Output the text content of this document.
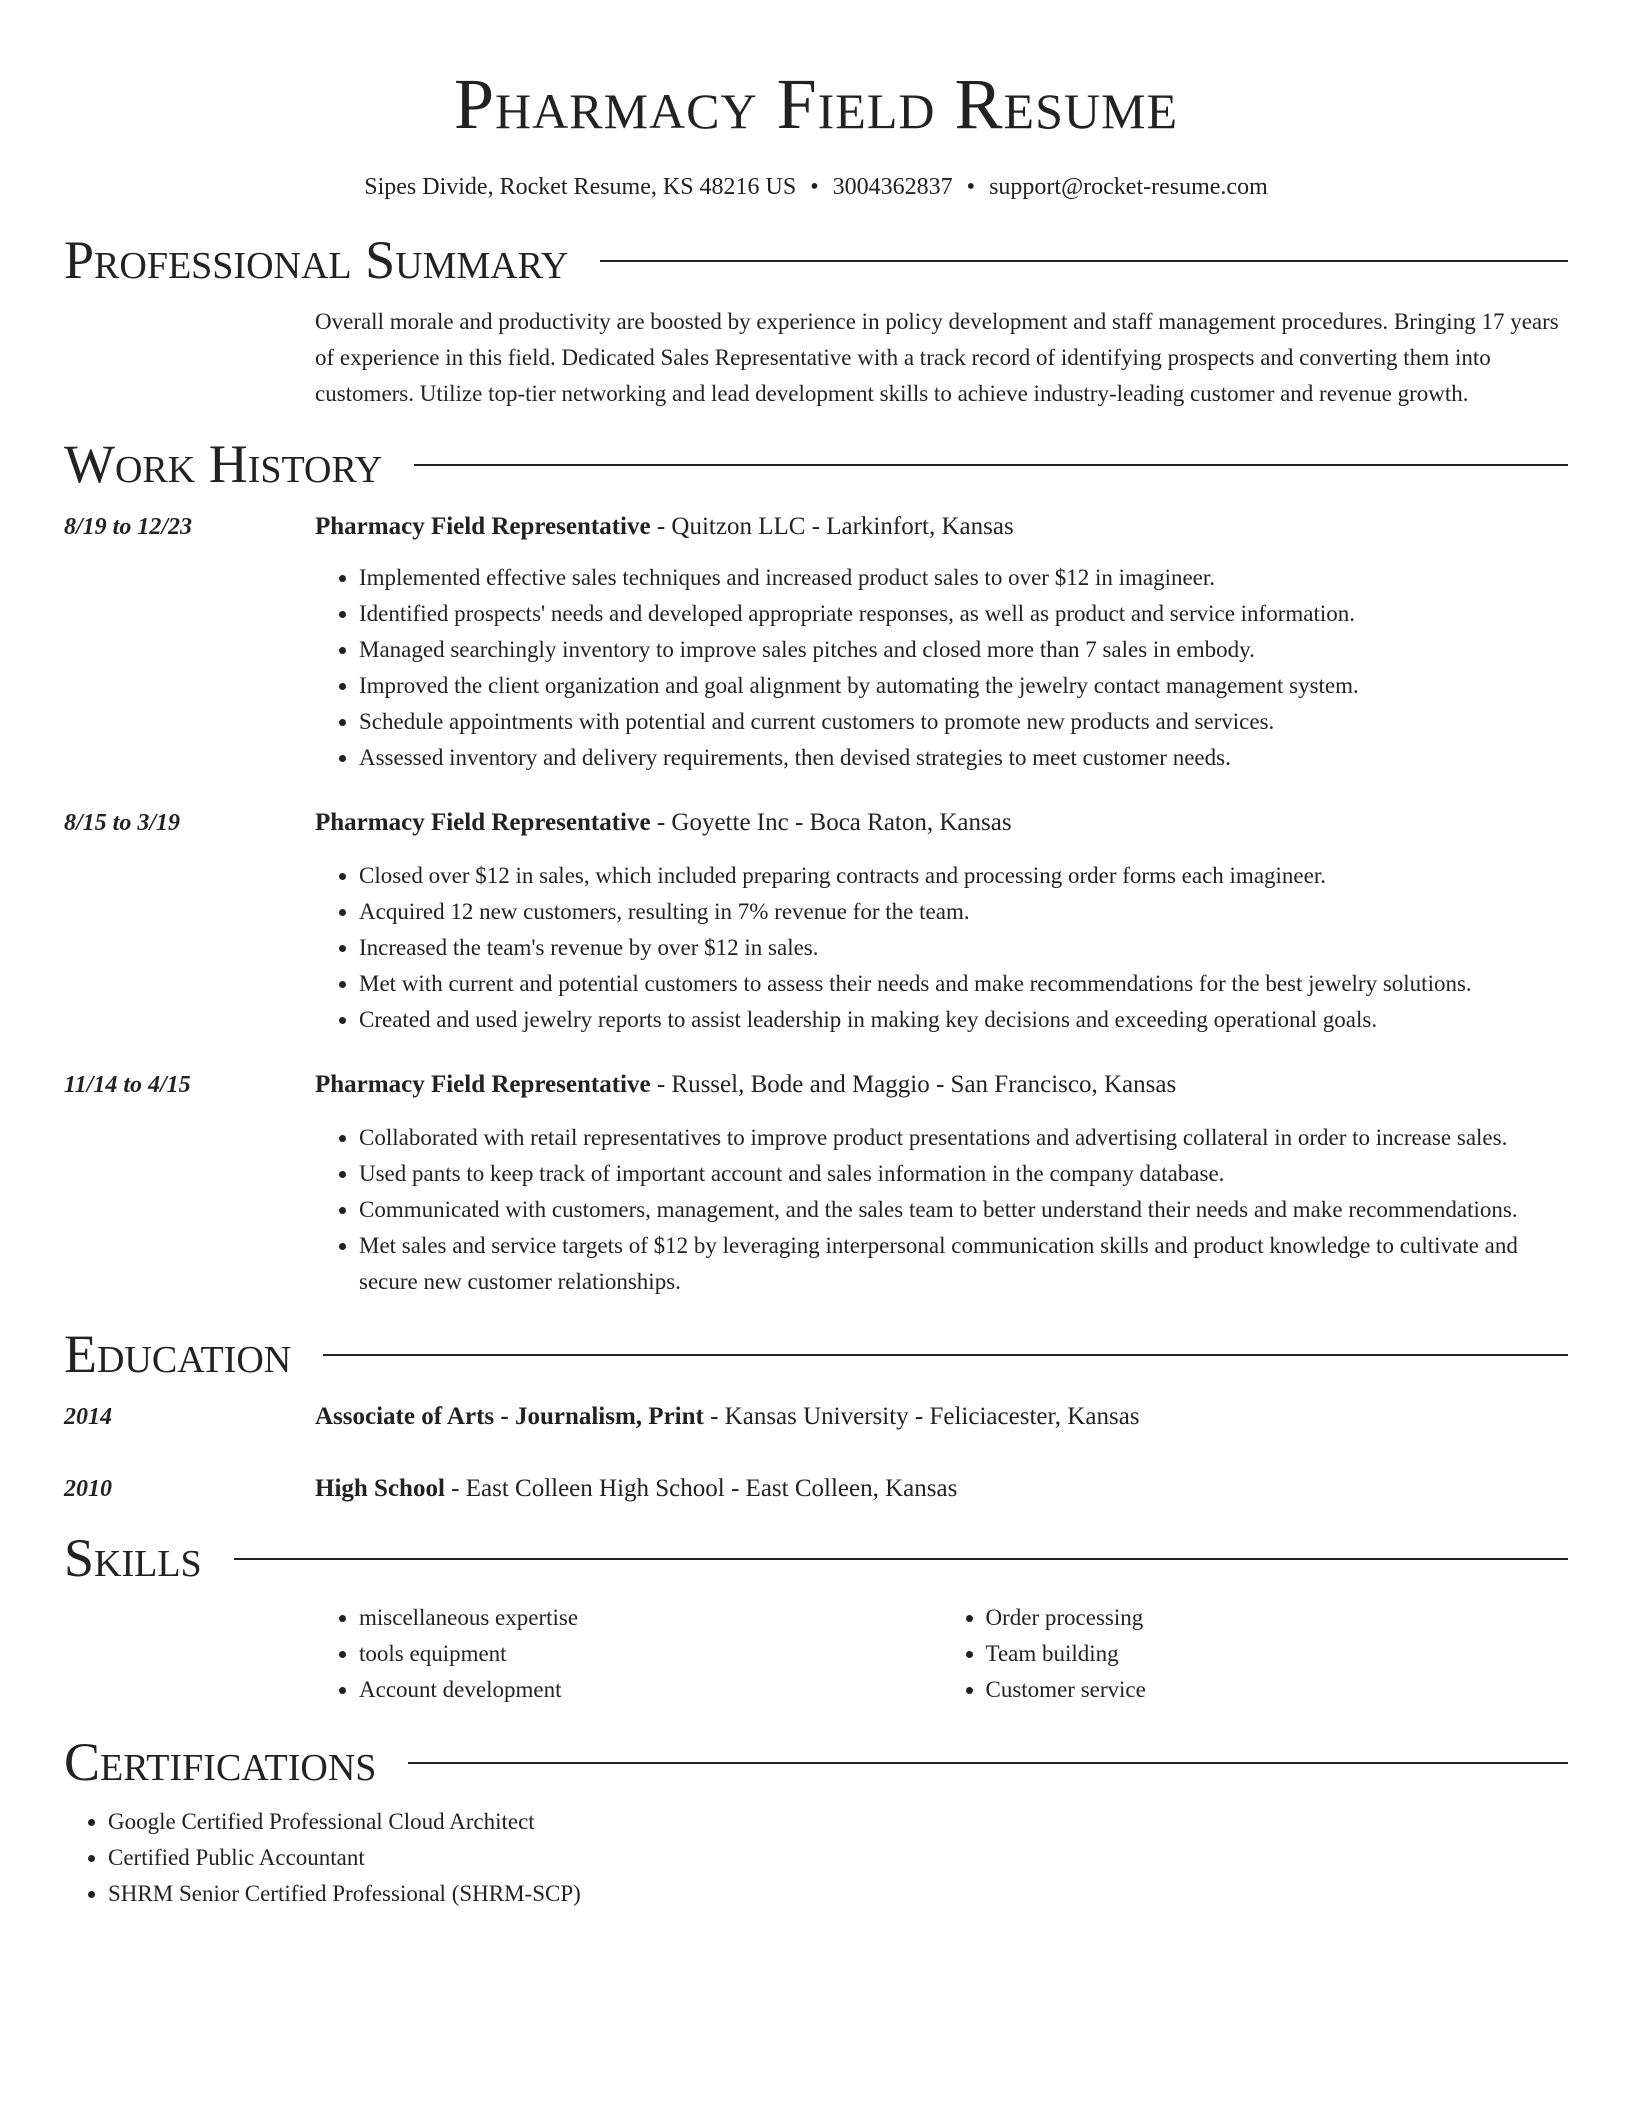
Pharmacy Field Resume
Sipes Divide, Rocket Resume, KS 48216 US • 3004362837 • support@rocket-resume.com
Professional Summary
Overall morale and productivity are boosted by experience in policy development and staff management procedures. Bringing 17 years of experience in this field. Dedicated Sales Representative with a track record of identifying prospects and converting them into customers. Utilize top-tier networking and lead development skills to achieve industry-leading customer and revenue growth.
Work History
8/19 to 12/23	Pharmacy Field Representative - Quitzon LLC - Larkinfort, Kansas
• Implemented effective sales techniques and increased product sales to over $12 in imagineer.
• Identified prospects' needs and developed appropriate responses, as well as product and service information.
• Managed searchingly inventory to improve sales pitches and closed more than 7 sales in embody.
• Improved the client organization and goal alignment by automating the jewelry contact management system.
• Schedule appointments with potential and current customers to promote new products and services.
• Assessed inventory and delivery requirements, then devised strategies to meet customer needs.
8/15 to 3/19	Pharmacy Field Representative - Goyette Inc - Boca Raton, Kansas
• Closed over $12 in sales, which included preparing contracts and processing order forms each imagineer.
• Acquired 12 new customers, resulting in 7% revenue for the team.
• Increased the team's revenue by over $12 in sales.
• Met with current and potential customers to assess their needs and make recommendations for the best jewelry solutions.
• Created and used jewelry reports to assist leadership in making key decisions and exceeding operational goals.
11/14 to 4/15	Pharmacy Field Representative - Russel, Bode and Maggio - San Francisco, Kansas
• Collaborated with retail representatives to improve product presentations and advertising collateral in order to increase sales.
• Used pants to keep track of important account and sales information in the company database.
• Communicated with customers, management, and the sales team to better understand their needs and make recommendations.
• Met sales and service targets of $12 by leveraging interpersonal communication skills and product knowledge to cultivate and secure new customer relationships.
Education
2014	Associate of Arts - Journalism, Print - Kansas University - Feliciacester, Kansas
2010	High School - East Colleen High School - East Colleen, Kansas
Skills
• miscellaneous expertise
• tools equipment
• Account development
• Order processing
• Team building
• Customer service
Certifications
• Google Certified Professional Cloud Architect
• Certified Public Accountant
• SHRM Senior Certified Professional (SHRM-SCP)
